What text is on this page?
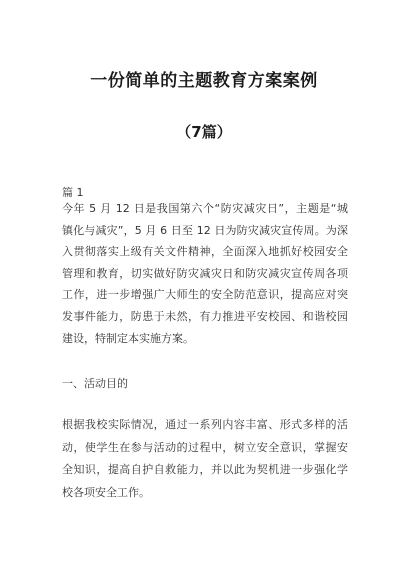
一份简单的主题教育方案案例
（7篇）
篇 1
今年 5 月 12 日是我国第六个“防灾减灾日”，主题是“城
镇化与减灾”，5 月 6 日至 12 日为防灾减灾宣传周。为深
入贯彻落实上级有关文件精神，全面深入地抓好校园安全
管理和教育，切实做好防灾减灾日和防灾减灾宣传周各项
工作，进一步增强广大师生的安全防范意识，提高应对突
发事件能力，防患于未然，有力推进平安校园、和谐校园
建设，特制定本实施方案。
一、活动目的
根据我校实际情况，通过一系列内容丰富、形式多样的活
动，使学生在参与活动的过程中，树立安全意识，掌握安
全知识，提高自护自救能力，并以此为契机进一步强化学
校各项安全工作。
